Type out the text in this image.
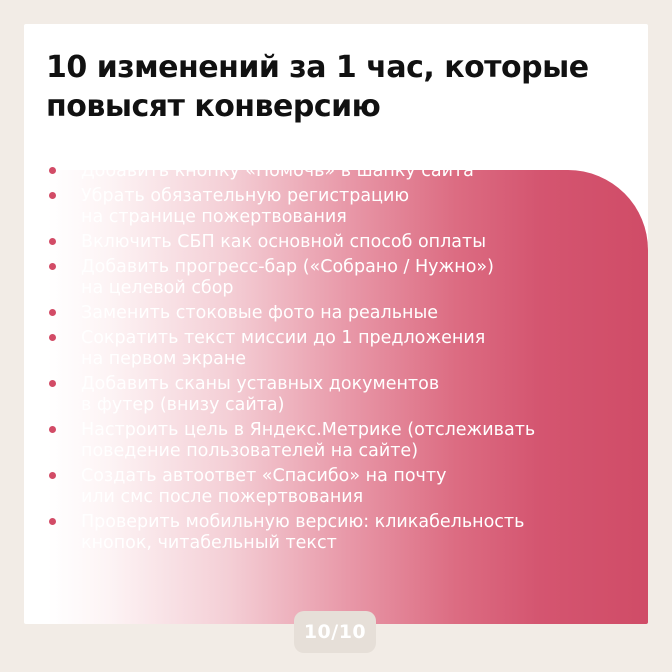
10 изменений за 1 час, которые
повысят конверсию
Добавить кнопку «Помочь» в шапку сайта
Убрать обязательную регистрацию
на странице пожертвования
Включить СБП как основной способ оплаты
Добавить прогресс-бар («Собрано / Нужно»)
на целевой сбор
Заменить стоковые фото на реальные
Сократить текст миссии до 1 предложения
на первом экране
Добавить сканы уставных документов
в футер (внизу сайта)
Настроить цель в Яндекс.Метрике (отслеживать
поведение пользователей на сайте)
Создать автоответ «Спасибо» на почту
или смс после пожертвования
Проверить мобильную версию: кликабельность
кнопок, читабельный текст
10/10
